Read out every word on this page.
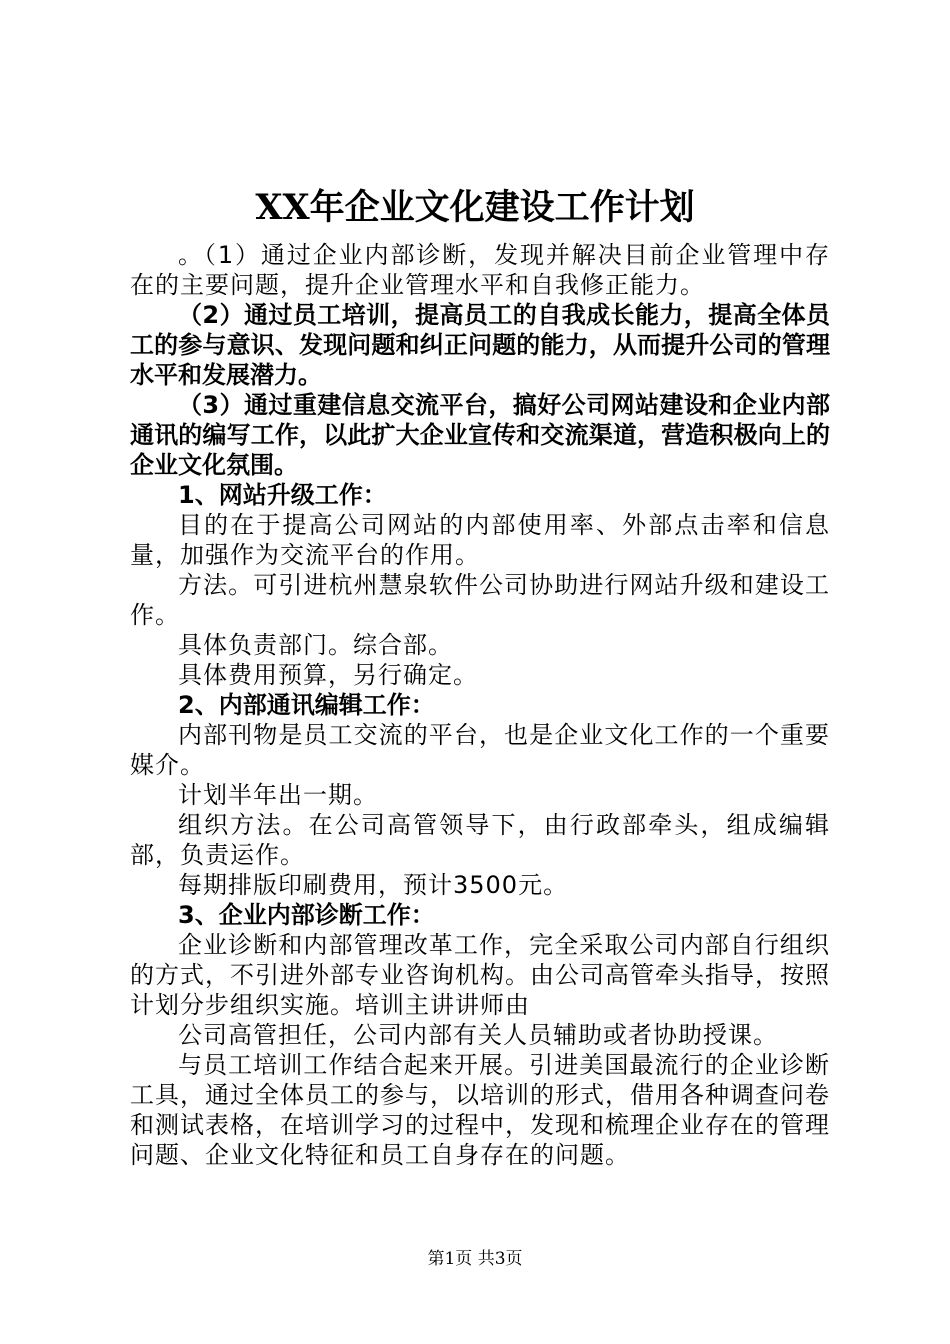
XX年企业文化建设工作计划

。（1）通过企业内部诊断，发现并解决目前企业管理中存在的主要问题，提升企业管理水平和自我修正能力。

（2）通过员工培训，提高员工的自我成长能力，提高全体员工的参与意识、发现问题和纠正问题的能力，从而提升公司的管理水平和发展潜力。

（3）通过重建信息交流平台，搞好公司网站建设和企业内部通讯的编写工作，以此扩大企业宣传和交流渠道，营造积极向上的企业文化氛围。

1、网站升级工作：

目的在于提高公司网站的内部使用率、外部点击率和信息量，加强作为交流平台的作用。

方法。可引进杭州慧泉软件公司协助进行网站升级和建设工作。

具体负责部门。综合部。

具体费用预算，另行确定。

2、内部通讯编辑工作：

内部刊物是员工交流的平台，也是企业文化工作的一个重要媒介。

计划半年出一期。

组织方法。在公司高管领导下，由行政部牵头，组成编辑部，负责运作。

每期排版印刷费用，预计3500元。

3、企业内部诊断工作：

企业诊断和内部管理改革工作，完全采取公司内部自行组织的方式，不引进外部专业咨询机构。由公司高管牵头指导，按照计划分步组织实施。培训主讲讲师由

公司高管担任，公司内部有关人员辅助或者协助授课。

与员工培训工作结合起来开展。引进美国最流行的企业诊断工具，通过全体员工的参与，以培训的形式，借用各种调查问卷和测试表格，在培训学习的过程中，发现和梳理企业存在的管理问题、企业文化特征和员工自身存在的问题。

第1页 共3页
